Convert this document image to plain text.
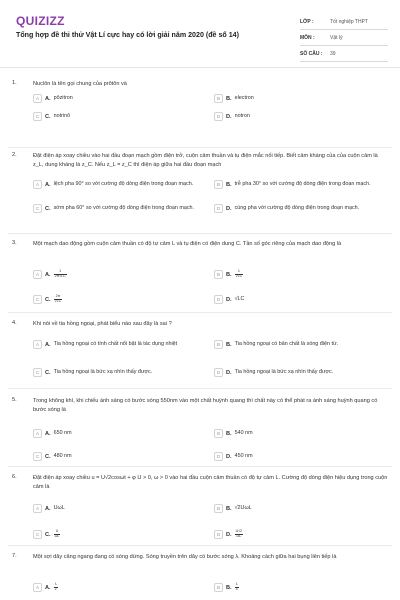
QUIZIZZ
Tổng hợp đề thi thử Vật Lí cực hay có lời giải năm 2020 (đề số 14)
LỚP :	Tốt nghiệp THPT
MÔN :	Vật lý
SỐ CÂU :	39
1.	Nuclôn là tên gọi chung của prôtôn và
A	A. pôzitron	B	B. electron
C	C. notrinô	D	D. notron
2.	Đặt điện áp xoay chiều vào hai đầu đoạn mạch gồm điện trở, cuộn cảm thuần và tụ điện mắc nối tiếp. Biết cảm kháng của của cuộn cảm là z_L, dung kháng là z_C. Nếu z_L = z_C thì điện áp giữa hai đầu đoạn mạch
A	A. lệch pha 90° so với cường độ dòng điện trong đoạn mạch.	B	B. trễ pha 30° so với cường độ dòng điện trong đoạn mạch.
C	C. sớm pha 60° so với cường độ dòng điện trong đoạn mạch.	D	D. cùng pha với cường độ dòng điện trong đoạn mạch.
3.	Một mạch dao động gồm cuộn cảm thuần có độ tự cảm L và tụ điện có điện dung C. Tần số góc riêng của mạch dao động là
A	A. $\frac{1}{2\pi√LC}$	B	B. $\frac{1}{√LC}$
C	C. $\frac{2\pi}{√LC}$	D	D. √LC
4.	Khi nói về tia hồng ngoại, phát biểu nào sau đây là sai ?
A	A. Tia hồng ngoại có tính chất nổi bật là tác dụng nhiệt	B	B. Tia hồng ngoại có bản chất là sóng điện từ.
C	C. Tia hồng ngoại là bức xạ nhìn thấy được.	D	D. Tia hồng ngoại là bức xạ nhìn thấy được.
5.	Trong không khí, khi chiếu ánh sáng có bước sóng 550nm vào một chất huỳnh quang thì chất này có thể phát ra ánh sáng huỳnh quang có bước sóng là
A	A. 650 nm	B	B. 540 nm
C	C. 480 nm	D	D. 450 nm
6.	Đặt điện áp xoay chiều u = U√2cosωt + φ U > 0, ω > 0 vào hai đầu cuộn cảm thuần có độ tự cảm L. Cường độ dòng điện hiệu dụng trong cuộn cảm là
A	A. UωL	B	B. √2UωL
C	C. $\frac{U}{\omega L}$	D	D. $\frac{U√2}{\omega L}$
7.	Một sợi dây căng ngang đang có sóng dừng. Sóng truyền trên dây có bước sóng λ. Khoảng cách giữa hai bụng liên tiếp là
A	A. $\frac{\lambda}{2}$	B	B. $\frac{\lambda}{4}$
